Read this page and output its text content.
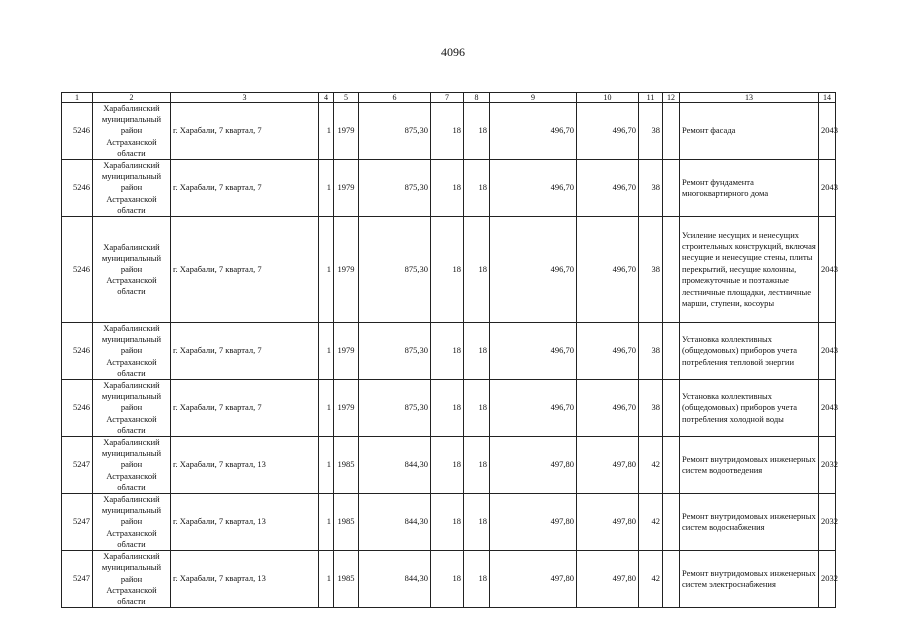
4096
1	2	3	4	5	6	7	8	9	10	11	12	13	14
5246	Харабалинский муниципальный район Астраханской области	г. Харабали, 7 квартал, 7	1	1979	875,30	18	18	496,70	496,70	38		Ремонт фасада	2043
5246	Харабалинский муниципальный район Астраханской области	г. Харабали, 7 квартал, 7	1	1979	875,30	18	18	496,70	496,70	38		Ремонт фундамента многоквартирного дома	2043
5246	Харабалинский муниципальный район Астраханской области	г. Харабали, 7 квартал, 7	1	1979	875,30	18	18	496,70	496,70	38		Усиление несущих и ненесущих строительных конструкций, включая несущие и ненесущие стены, плиты перекрытий, несущие колонны, промежуточные и поэтажные лестничные площадки, лестничные марши, ступени, косоуры	2043
5246	Харабалинский муниципальный район Астраханской области	г. Харабали, 7 квартал, 7	1	1979	875,30	18	18	496,70	496,70	38		Установка коллективных (общедомовых) приборов учета потребления тепловой энергии	2043
5246	Харабалинский муниципальный район Астраханской области	г. Харабали, 7 квартал, 7	1	1979	875,30	18	18	496,70	496,70	38		Установка коллективных (общедомовых) приборов учета потребления холодной воды	2043
5247	Харабалинский муниципальный район Астраханской области	г. Харабали, 7 квартал, 13	1	1985	844,30	18	18	497,80	497,80	42		Ремонт внутридомовых инженерных систем водоотведения	2032
5247	Харабалинский муниципальный район Астраханской области	г. Харабали, 7 квартал, 13	1	1985	844,30	18	18	497,80	497,80	42		Ремонт внутридомовых инженерных систем водоснабжения	2032
5247	Харабалинский муниципальный район Астраханской области	г. Харабали, 7 квартал, 13	1	1985	844,30	18	18	497,80	497,80	42		Ремонт внутридомовых инженерных систем электроснабжения	2032
